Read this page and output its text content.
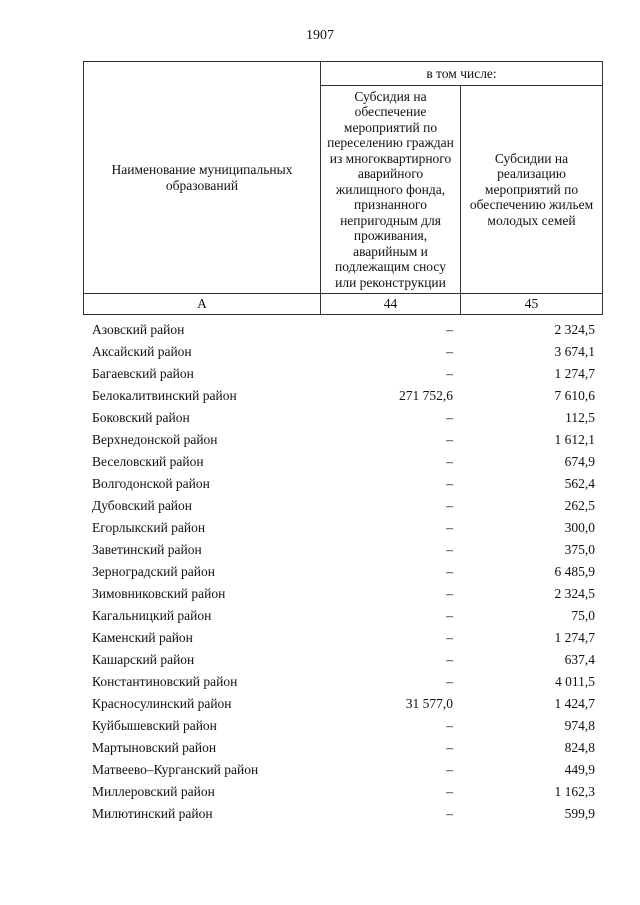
1907
Наименование муниципальных образований	в том числе:	
	Субсидия на обеспечение мероприятий по переселению граждан из многоквартирного аварийного жилищного фонда, признанного непригодным для проживания, аварийным и подлежащим сносу или реконструкции	Субсидии на реализацию мероприятий по обеспечению жильем молодых семей
А	44	45
Азовский район	–	2 324,5
Аксайский район	–	3 674,1
Багаевский район	–	1 274,7
Белокалитвинский район	271 752,6	7 610,6
Боковский район	–	112,5
Верхнедонской район	–	1 612,1
Веселовский район	–	674,9
Волгодонской район	–	562,4
Дубовский район	–	262,5
Егорлыкский район	–	300,0
Заветинский район	–	375,0
Зерноградский район	–	6 485,9
Зимовниковский район	–	2 324,5
Кагальницкий район	–	75,0
Каменский район	–	1 274,7
Кашарский район	–	637,4
Константиновский район	–	4 011,5
Красносулинский район	31 577,0	1 424,7
Куйбышевский район	–	974,8
Мартыновский район	–	824,8
Матвеево–Курганский район	–	449,9
Миллеровский район	–	1 162,3
Милютинский район	–	599,9
